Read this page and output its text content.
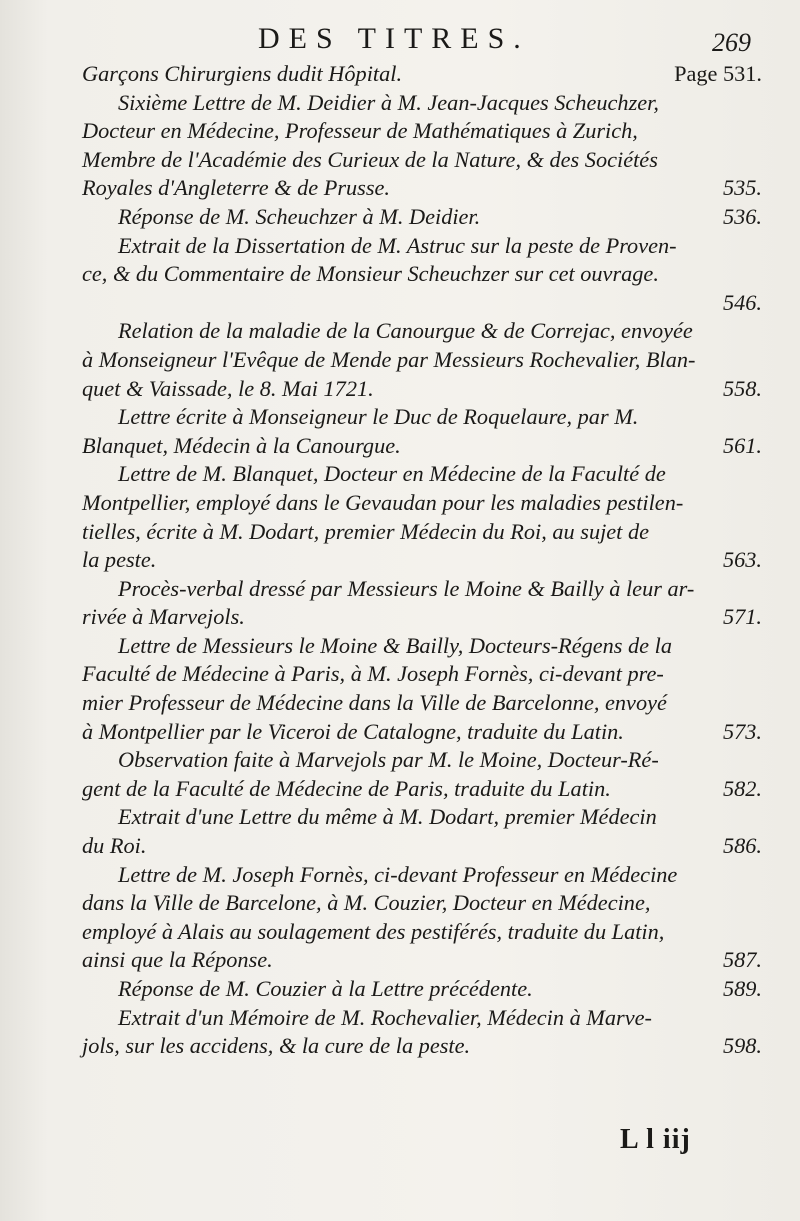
DES TITRES.	269
Garçons Chirurgiens dudit Hôpital.	Page 531.
Sixième Lettre de M. Deidier à M. Jean-Jacques Scheuchzer,
Docteur en Médecine, Professeur de Mathématiques à Zurich,
Membre de l'Académie des Curieux de la Nature, & des Sociétés
Royales d'Angleterre & de Prusse.	535.
Réponse de M. Scheuchzer à M. Deidier.	536.
Extrait de la Dissertation de M. Astruc sur la peste de Proven-
ce, & du Commentaire de Monsieur Scheuchzer sur cet ouvrage.
546.
Relation de la maladie de la Canourgue & de Correjac, envoyée
à Monseigneur l'Evêque de Mende par Messieurs Rochevalier, Blan-
quet & Vaissade, le 8. Mai 1721.	558.
Lettre écrite à Monseigneur le Duc de Roquelaure, par M.
Blanquet, Médecin à la Canourgue.	561.
Lettre de M. Blanquet, Docteur en Médecine de la Faculté de
Montpellier, employé dans le Gevaudan pour les maladies pestilen-
tielles, écrite à M. Dodart, premier Médecin du Roi, au sujet de
la peste.	563.
Procès-verbal dressé par Messieurs le Moine & Bailly à leur ar-
rivée à Marvejols.	571.
Lettre de Messieurs le Moine & Bailly, Docteurs-Régens de la
Faculté de Médecine à Paris, à M. Joseph Fornès, ci-devant pre-
mier Professeur de Médecine dans la Ville de Barcelonne, envoyé
à Montpellier par le Viceroi de Catalogne, traduite du Latin.	573.
Observation faite à Marvejols par M. le Moine, Docteur-Ré-
gent de la Faculté de Médecine de Paris, traduite du Latin.	582.
Extrait d'une Lettre du même à M. Dodart, premier Médecin
du Roi.	586.
Lettre de M. Joseph Fornès, ci-devant Professeur en Médecine
dans la Ville de Barcelone, à M. Couzier, Docteur en Médecine,
employé à Alais au soulagement des pestiférés, traduite du Latin,
ainsi que la Réponse.	587.
Réponse de M. Couzier à la Lettre précédente.	589.
Extrait d'un Mémoire de M. Rochevalier, Médecin à Marve-
jols, sur les accidens, & la cure de la peste.	598.
L l iij
